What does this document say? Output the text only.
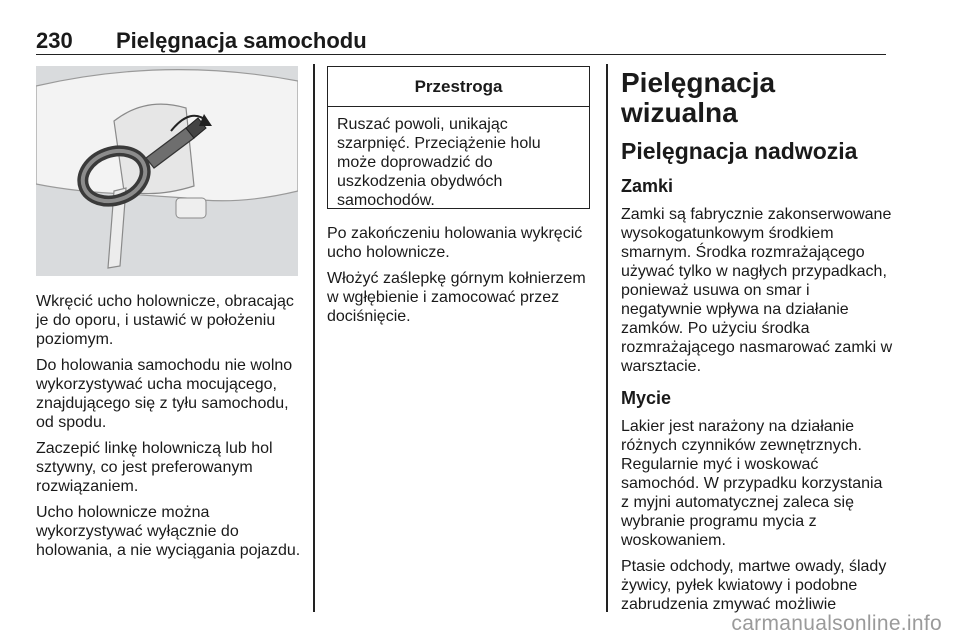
230 Pielęgnacja samochodu

Wkręcić ucho holownicze, obracając je do oporu, i ustawić w położeniu poziomym.

Do holowania samochodu nie wolno wykorzystywać ucha mocującego, znajdującego się z tyłu samochodu, od spodu.

Zaczepić linkę holowniczą lub hol sztywny, co jest preferowanym rozwiązaniem.

Ucho holownicze można wykorzystywać wyłącznie do holowania, a nie wyciągania pojazdu.

Przestroga
Ruszać powoli, unikając szarpnięć. Przeciążenie holu może doprowadzić do uszkodzenia obydwóch samochodów.

Po zakończeniu holowania wykręcić ucho holownicze.

Włożyć zaślepkę górnym kołnierzem w wgłębienie i zamocować przez dociśnięcie.

Pielęgnacja wizualna
Pielęgnacja nadwozia
Zamki

Zamki są fabrycznie zakonserwowane wysokogatunkowym środkiem smarnym. Środka rozmrażającego używać tylko w nagłych przypadkach, ponieważ usuwa on smar i negatywnie wpływa na działanie zamków. Po użyciu środka rozmrażającego nasmarować zamki w warsztacie.

Mycie

Lakier jest narażony na działanie różnych czynników zewnętrznych. Regularnie myć i woskować samochód. W przypadku korzystania z myjni automatycznej zaleca się wybranie programu mycia z woskowaniem.

Ptasie odchody, martwe owady, ślady żywicy, pyłek kwiatowy i podobne zabrudzenia zmywać możliwie

carmanualsonline.info
